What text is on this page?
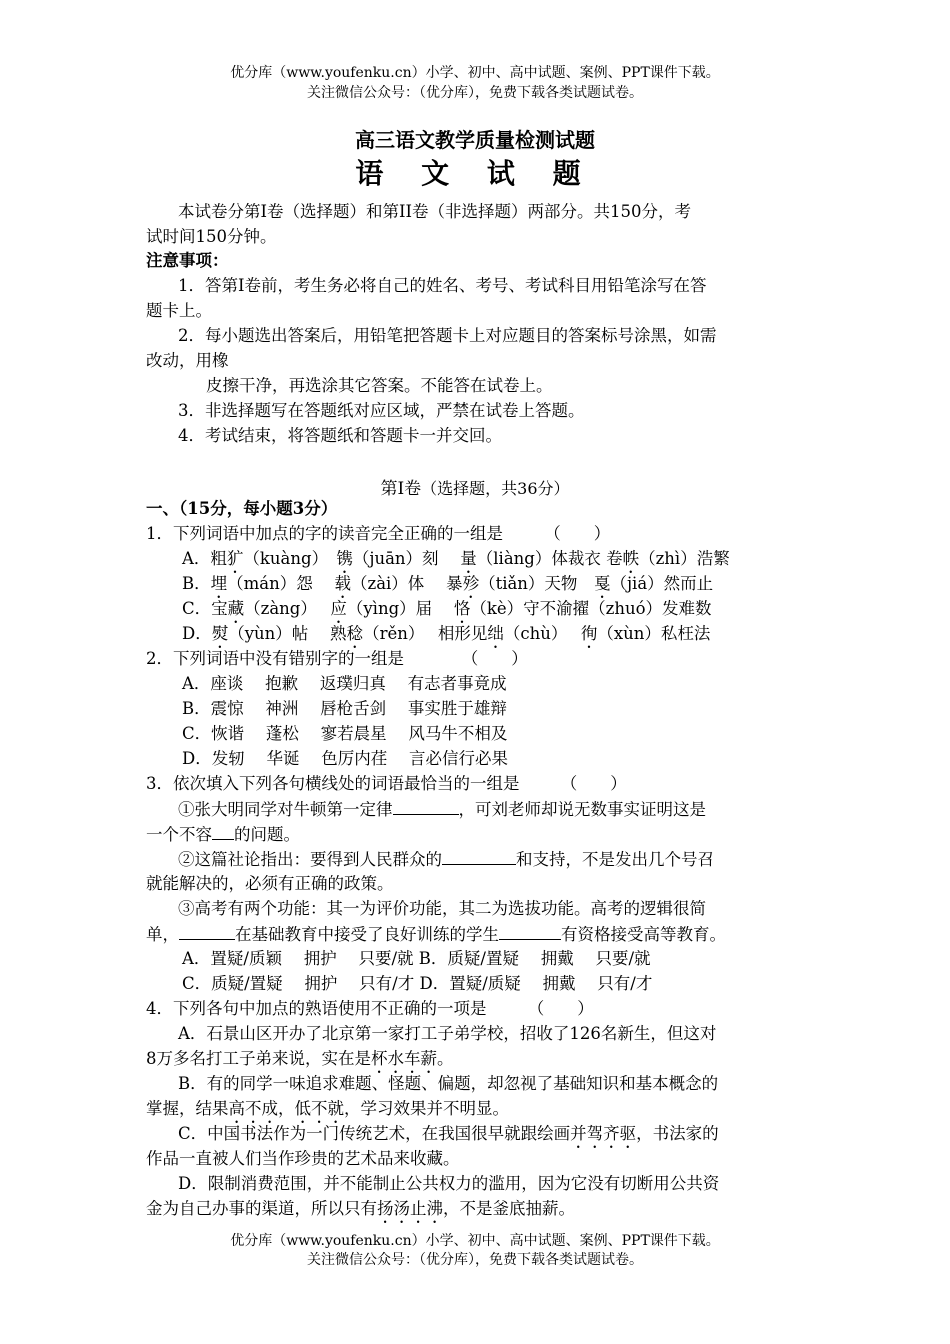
优分库（www.youfenku.cn）小学、初中、高中试题、案例、PPT课件下载。
关注微信公众号：（优分库），免费下载各类试题试卷。
高三语文教学质量检测试题
语 文 试 题
本试卷分第Ⅰ卷（选择题）和第II卷（非选择题）两部分。共150分，考
试时间150分钟。
注意事项：
1．答第Ⅰ卷前，考生务必将自己的姓名、考号、考试科目用铅笔涂写在答
题卡上。
2．每小题选出答案后，用铅笔把答题卡上对应题目的答案标号涂黑，如需
改动，用橡
皮擦干净，再选涂其它答案。不能答在试卷上。
3．非选择题写在答题纸对应区域，严禁在试卷上答题。
4．考试结束，将答题纸和答题卡一并交回。
第Ⅰ卷（选择题，共36分）
一、（15分，每小题3分）
1．下列词语中加点的字的读音完全正确的一组是　　　（　　）
A．粗犷（kuàng）　镌（juān）刻　 量（liàng）体裁衣 卷帙（zhì）浩繁
B．埋（mán）怨　 载（zài）体　 暴殄（tiǎn）天物　戛（jiá）然而止
C．宝藏（zàng）　 应（yìng）届　 恪（kè）守不渝擢（zhuó）发难数
D．熨（yùn）帖　 熟稔（rěn）　 相形见绌（chù）　 徇（xùn）私枉法
2．下列词语中没有错别字的一组是　　　　（　　）
A．座谈　 抱歉　 返璞归真　 有志者事竟成
B．震惊　 神洲　 唇枪舌剑　 事实胜于雄辩
C．恢谐　 蓬松　 寥若晨星　 风马牛不相及
D．发轫　 华诞　 色厉内荏　 言必信行必果
3．依次填入下列各句横线处的词语最恰当的一组是　　　（　　）
①张大明同学对牛顿第一定律	，可刘老师却说无数事实证明这是
一个不容 的问题。
②这篇社论指出：要得到人民群众的	和支持，不是发出几个号召
就能解决的，必须有正确的政策。
③高考有两个功能：其一为评价功能，其二为选拔功能。高考的逻辑很简
单，	在基础教育中接受了良好训练的学生	有资格接受高等教育。
A．置疑/质颖　 拥护　 只要/就 B．质疑/置疑　 拥戴　 只要/就
C．质疑/置疑　 拥护　 只有/才 D．置疑/质疑　 拥戴　 只有/才
4．下列各句中加点的熟语使用不正确的一项是　　　（　　）
A．石景山区开办了北京第一家打工子弟学校，招收了126名新生，但这对
8万多名打工子弟来说，实在是杯水车薪。
B．有的同学一味追求难题、怪题、偏题，却忽视了基础知识和基本概念的
掌握，结果高不成，低不就，学习效果并不明显。
C．中国书法作为一门传统艺术，在我国很早就跟绘画并驾齐驱，书法家的
作品一直被人们当作珍贵的艺术品来收藏。
D．限制消费范围，并不能制止公共权力的滥用，因为它没有切断用公共资
金为自己办事的渠道，所以只有扬汤止沸，不是釜底抽薪。
优分库（www.youfenku.cn）小学、初中、高中试题、案例、PPT课件下载。
关注微信公众号：（优分库），免费下载各类试题试卷。
